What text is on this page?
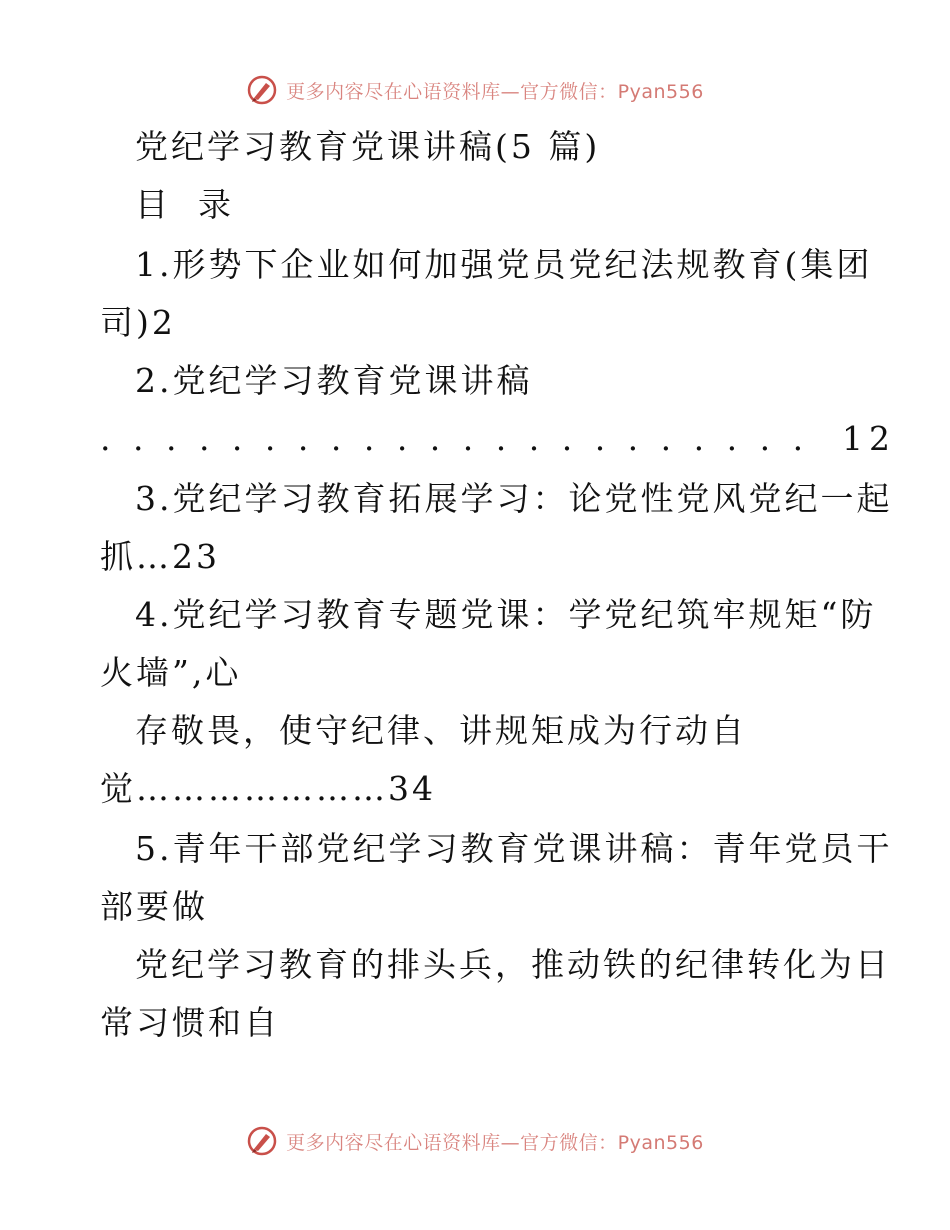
更多内容尽在心语资料库—官方微信：Pyan556
党纪学习教育党课讲稿(5 篇)
目  录
1.形势下企业如何加强党员党纪法规教育(集团
司)2
2.党纪学习教育党课讲稿
. . . . . . . . . . . . . . . . . . . . . .  12
3.党纪学习教育拓展学习：论党性党风党纪一起
抓…23
4.党纪学习教育专题党课：学党纪筑牢规矩“防
火墙”,心
存敬畏，使守纪律、讲规矩成为行动自
觉…………………34
5.青年干部党纪学习教育党课讲稿：青年党员干
部要做
党纪学习教育的排头兵，推动铁的纪律转化为日
常习惯和自
更多内容尽在心语资料库—官方微信：Pyan556
